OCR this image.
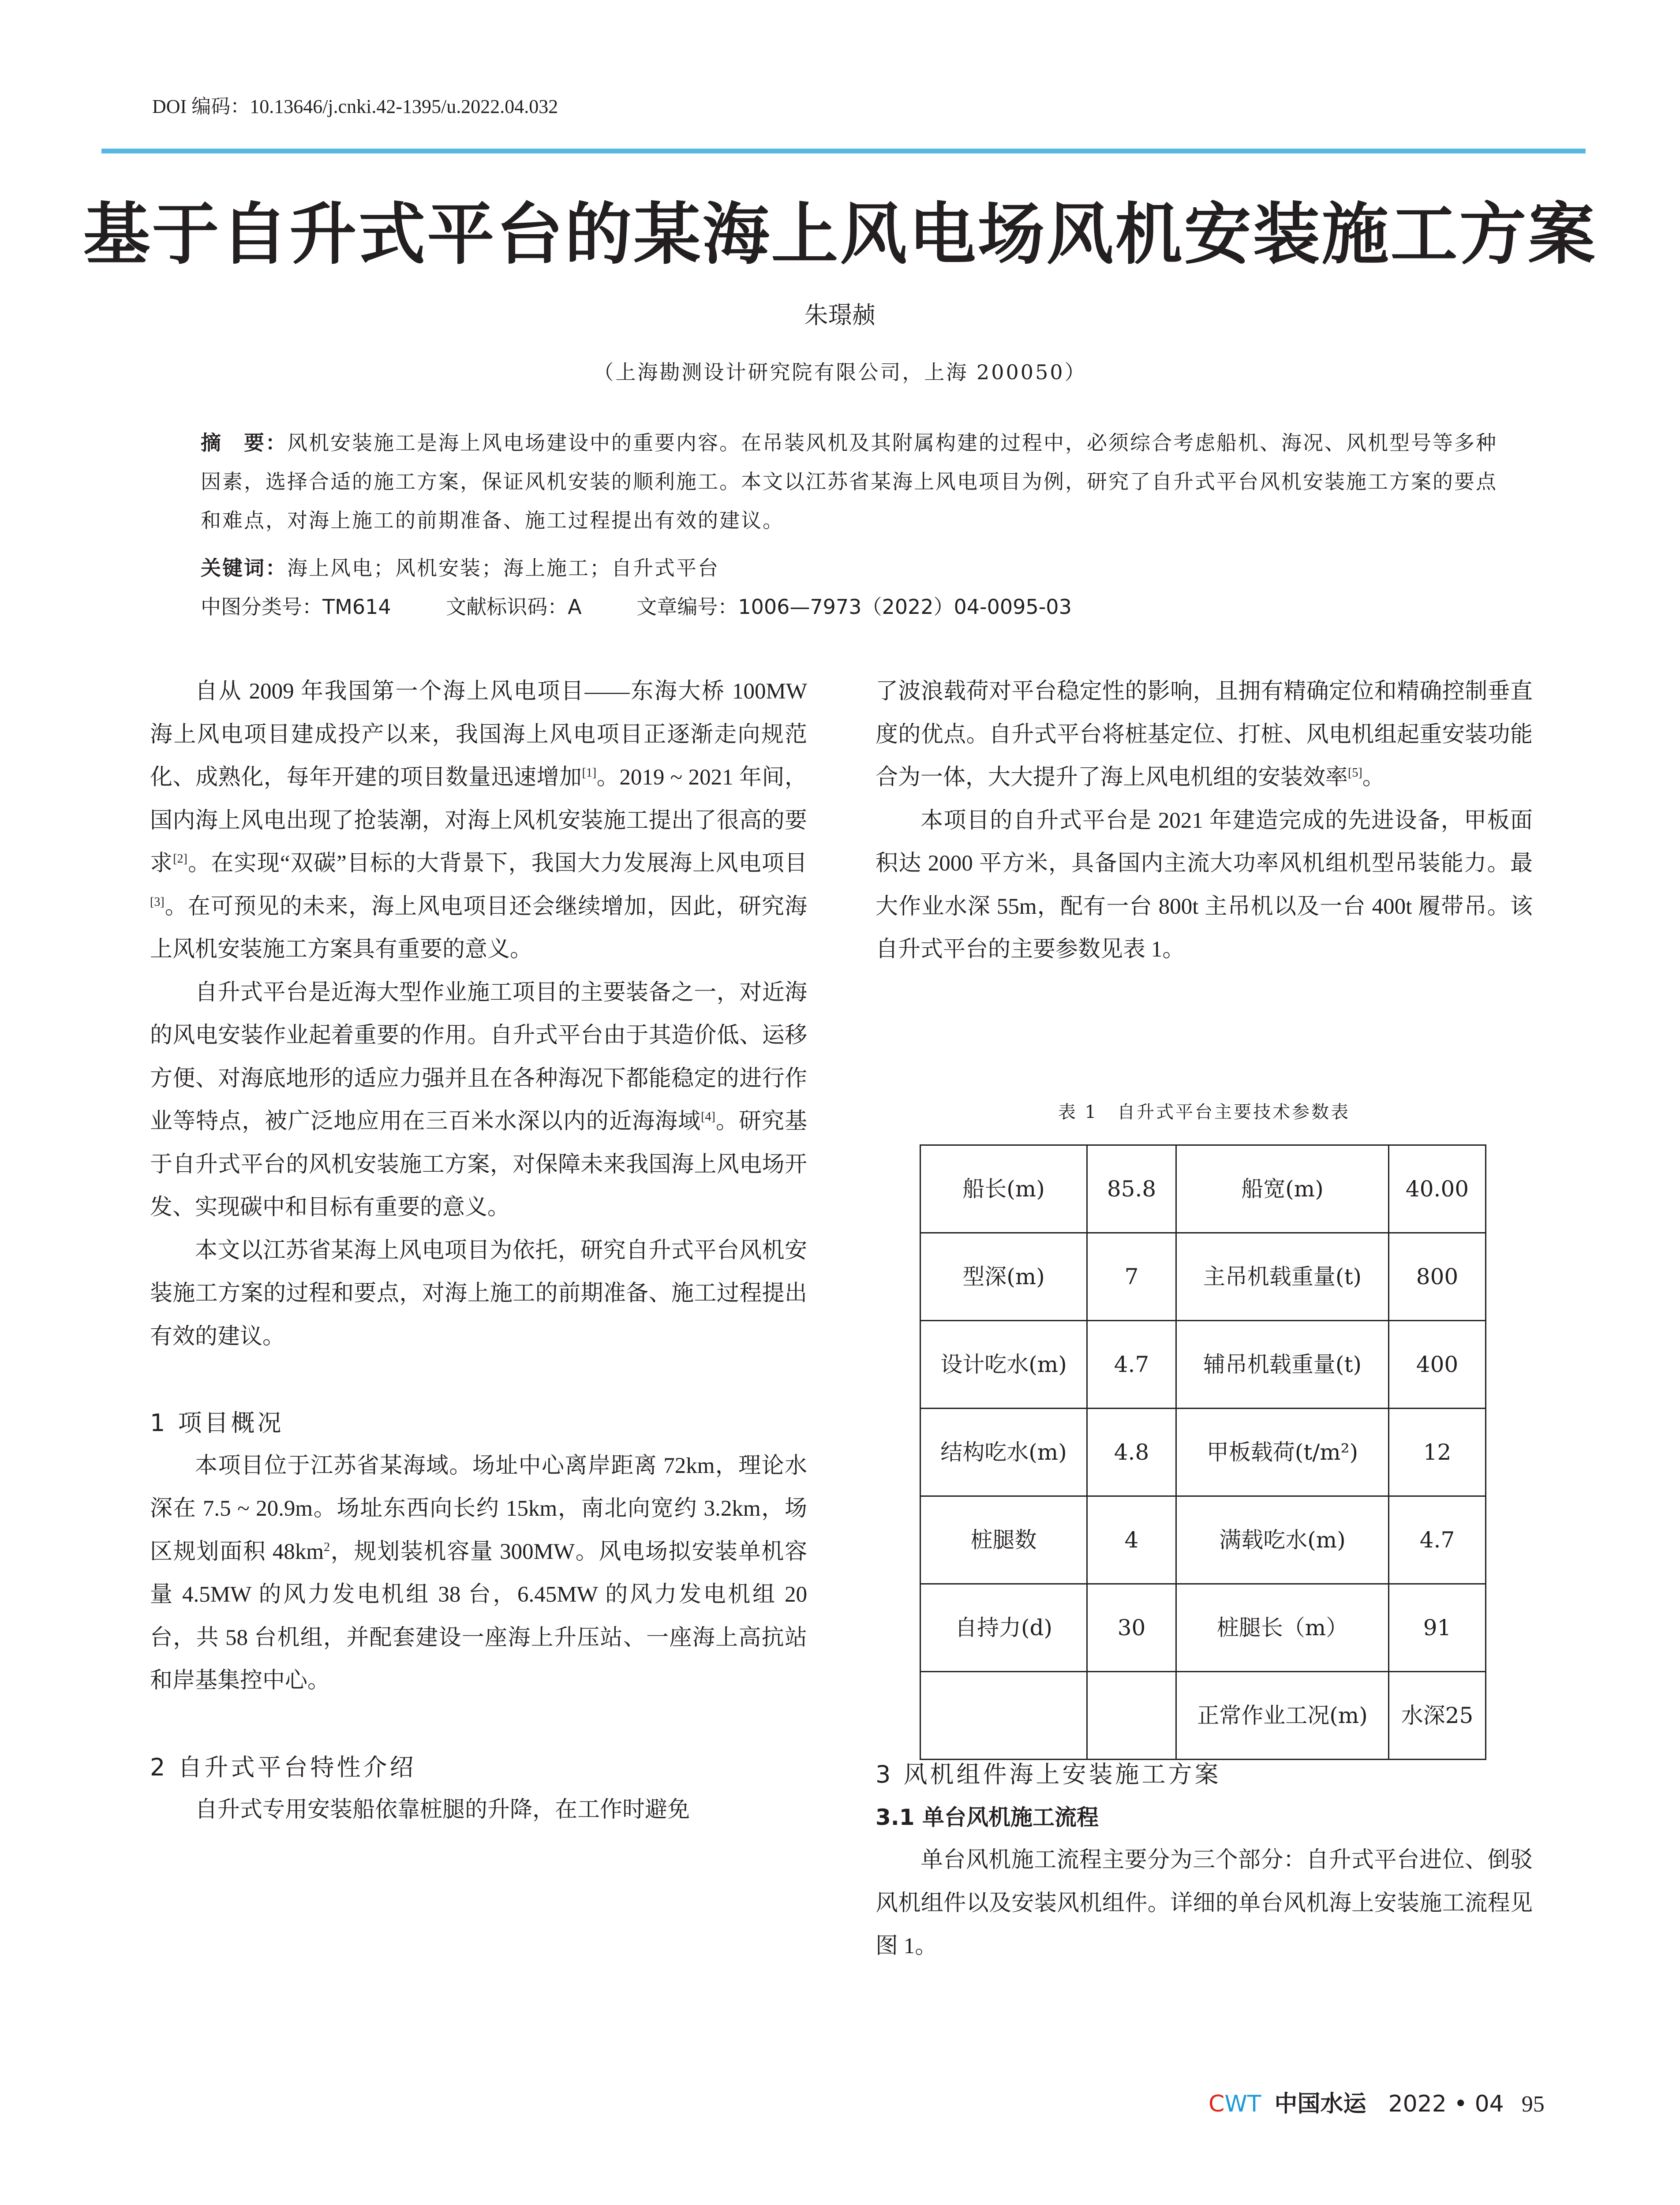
DOI 编码：10.13646/j.cnki.42-1395/u.2022.04.032
基于自升式平台的某海上风电场风机安装施工方案
朱璟赪
（上海勘测设计研究院有限公司，上海 200050）
摘　要：风机安装施工是海上风电场建设中的重要内容。在吊装风机及其附属构建的过程中，必须综合考虑船机、海况、风机型号等多种因素，选择合适的施工方案，保证风机安装的顺利施工。本文以江苏省某海上风电项目为例，研究了自升式平台风机安装施工方案的要点和难点，对海上施工的前期准备、施工过程提出有效的建议。
关键词：海上风电；风机安装；海上施工；自升式平台
中图分类号：TM614	文献标识码：A	文章编号：1006—7973（2022）04-0095-03

自从 2009 年我国第一个海上风电项目——东海大桥 100MW 海上风电项目建成投产以来，我国海上风电项目正逐渐走向规范化、成熟化，每年开建的项目数量迅速增加[1]。2019 ~ 2021 年间，国内海上风电出现了抢装潮，对海上风机安装施工提出了很高的要求[2]。在实现“双碳”目标的大背景下，我国大力发展海上风电项目[3]。在可预见的未来，海上风电项目还会继续增加，因此，研究海上风机安装施工方案具有重要的意义。

自升式平台是近海大型作业施工项目的主要装备之一，对近海的风电安装作业起着重要的作用。自升式平台由于其造价低、运移方便、对海底地形的适应力强并且在各种海况下都能稳定的进行作业等特点，被广泛地应用在三百米水深以内的近海海域[4]。研究基于自升式平台的风机安装施工方案，对保障未来我国海上风电场开发、实现碳中和目标有重要的意义。

本文以江苏省某海上风电项目为依托，研究自升式平台风机安装施工方案的过程和要点，对海上施工的前期准备、施工过程提出有效的建议。

1 项目概况

本项目位于江苏省某海域。场址中心离岸距离 72km，理论水深在 7.5 ~ 20.9m。场址东西向长约 15km，南北向宽约 3.2km，场区规划面积 $48km^2$，规划装机容量 300MW。风电场拟安装单机容量 4.5MW 的风力发电机组 38 台，6.45MW 的风力发电机组 20 台，共 58 台机组，并配套建设一座海上升压站、一座海上高抗站和岸基集控中心。

2 自升式平台特性介绍

自升式专用安装船依靠桩腿的升降，在工作时避免

了波浪载荷对平台稳定性的影响，且拥有精确定位和精确控制垂直度的优点。自升式平台将桩基定位、打桩、风电机组起重安装功能合为一体，大大提升了海上风电机组的安装效率[5]。

本项目的自升式平台是 2021 年建造完成的先进设备，甲板面积达 2000 平方米，具备国内主流大功率风机组机型吊装能力。最大作业水深 55m，配有一台 800t 主吊机以及一台 400t 履带吊。该自升式平台的主要参数见表 1。

表 1　自升式平台主要技术参数表
船长(m)	85.8	船宽(m)	40.00
型深(m)	7	主吊机载重量(t)	800
设计吃水(m)	4.7	辅吊机载重量(t)	400
结构吃水(m)	4.8	甲板载荷(t/m²)	12
桩腿数	4	满载吃水(m)	4.7
自持力(d)	30	桩腿长（m）	91
		正常作业工况(m)	水深25
3 风机组件海上安装施工方案
3.1 单台风机施工流程

单台风机施工流程主要分为三个部分：自升式平台进位、倒驳风机组件以及安装风机组件。详细的单台风机海上安装施工流程见图 1。

CWT 中国水运 2022 • 04 95
